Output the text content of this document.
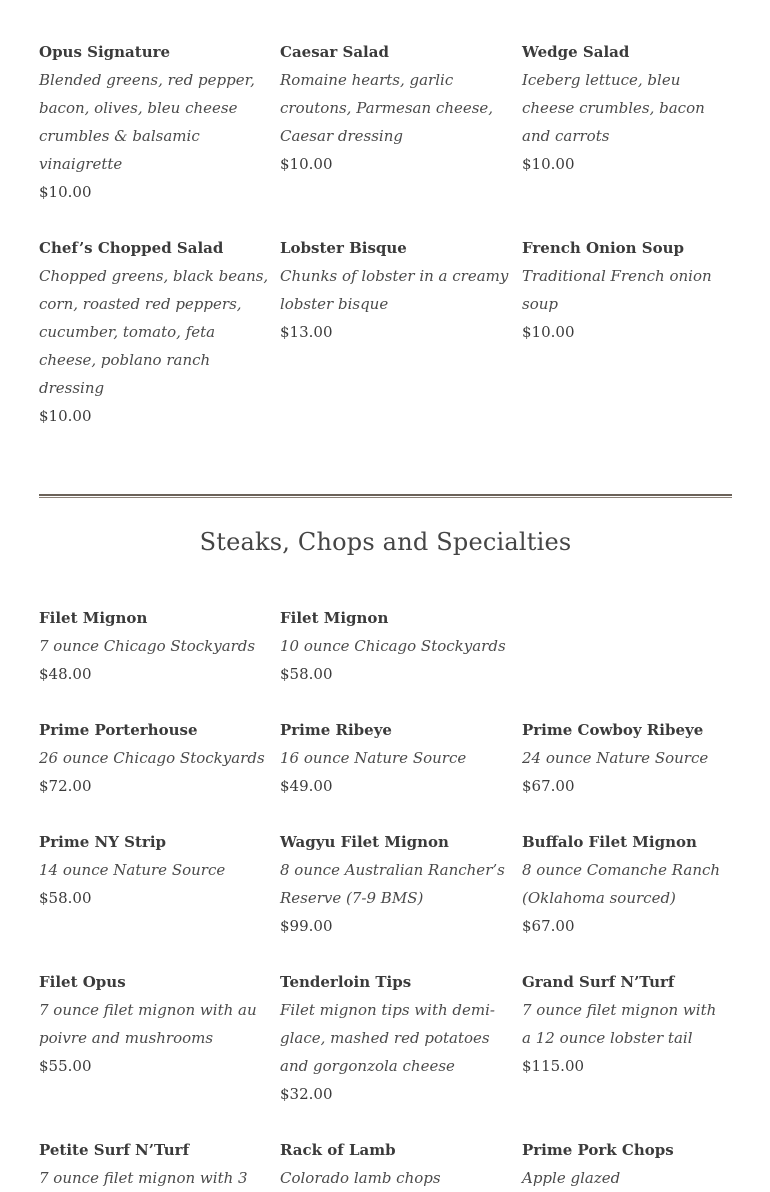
Opus Signature
Blended greens, red pepper, bacon, olives, bleu cheese crumbles & balsamic vinaigrette
$10.00
Caesar Salad
Romaine hearts, garlic croutons, Parmesan cheese, Caesar dressing
$10.00
Wedge Salad
Iceberg lettuce, bleu cheese crumbles, bacon and carrots
$10.00
Chef’s Chopped Salad
Chopped greens, black beans, corn, roasted red peppers, cucumber, tomato, feta cheese, poblano ranch dressing
$10.00
Lobster Bisque
Chunks of lobster in a creamy lobster bisque
$13.00
French Onion Soup
Traditional French onion soup
$10.00
Steaks, Chops and Specialties
Filet Mignon
7 ounce Chicago Stockyards
$48.00
Filet Mignon
10 ounce Chicago Stockyards
$58.00
Prime Porterhouse
26 ounce Chicago Stockyards
$72.00
Prime Ribeye
16 ounce Nature Source
$49.00
Prime Cowboy Ribeye
24 ounce Nature Source
$67.00
Prime NY Strip
14 ounce Nature Source
$58.00
Wagyu Filet Mignon
8 ounce Australian Rancher’s Reserve (7-9 BMS)
$99.00
Buffalo Filet Mignon
8 ounce Comanche Ranch (Oklahoma sourced)
$67.00
Filet Opus
7 ounce filet mignon with au poivre and mushrooms
$55.00
Tenderloin Tips
Filet mignon tips with demi-glace, mashed red potatoes and gorgonzola cheese
$32.00
Grand Surf N’Turf
7 ounce filet mignon with a 12 ounce lobster tail
$115.00
Petite Surf N’Turf
7 ounce filet mignon with 3
Rack of Lamb
Colorado lamb chops
Prime Pork Chops
Apple glazed
